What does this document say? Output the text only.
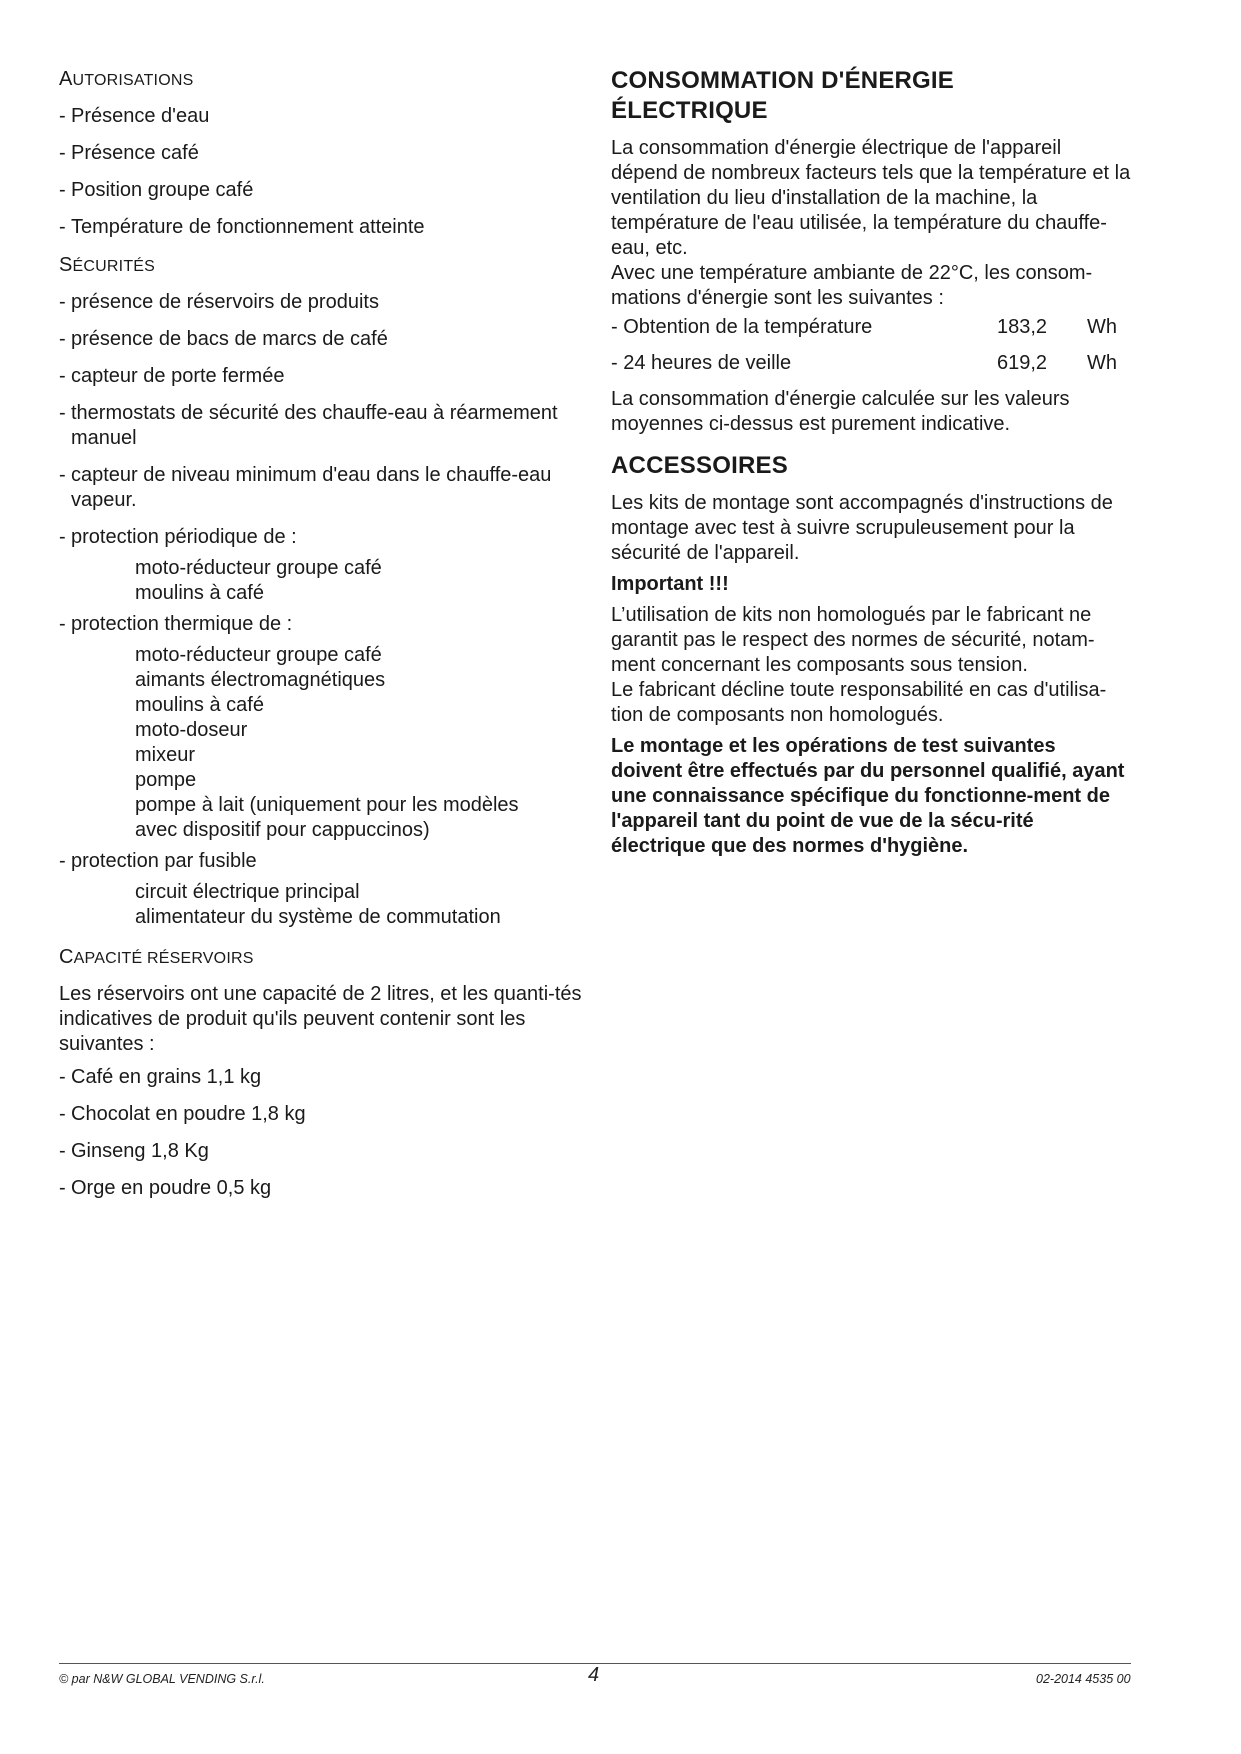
AUTORISATIONS
- Présence d'eau
- Présence café
- Position groupe café
- Température de fonctionnement atteinte
SÉCURITÉS
- présence de réservoirs de produits
- présence de bacs de marcs de café
- capteur de porte fermée
- thermostats de sécurité des chauffe-eau à réarmement manuel
- capteur de niveau minimum d'eau dans le chauffe-eau vapeur.
- protection périodique de :
moto-réducteur groupe café
moulins à café
- protection thermique de :
moto-réducteur groupe café
aimants électromagnétiques
moulins à café
moto-doseur
mixeur
pompe
pompe à lait (uniquement pour les modèles
avec dispositif pour cappuccinos)
- protection par fusible
circuit électrique principal
alimentateur du système de commutation
CAPACITÉ RÉSERVOIRS

Les réservoirs ont une capacité de 2 litres, et les quanti-tés indicatives de produit qu'ils peuvent contenir sont les suivantes :

- Café en grains 1,1 kg
- Chocolat en poudre 1,8 kg
- Ginseng 1,8 Kg
- Orge en poudre 0,5 kg
CONSOMMATION D'ÉNERGIE ÉLECTRIQUE

La consommation d'énergie électrique de l'appareil dépend de nombreux facteurs tels que la température et la ventilation du lieu d'installation de la machine, la température de l'eau utilisée, la température du chauffe-eau, etc.

Avec une température ambiante de 22°C, les consom-mations d'énergie sont les suivantes :

- Obtention de la température	183,2	Wh
- 24 heures de veille	619,2	Wh

La consommation d'énergie calculée sur les valeurs moyennes ci-dessus est purement indicative.

ACCESSOIRES

Les kits de montage sont accompagnés d'instructions de montage avec test à suivre scrupuleusement pour la sécurité de l'appareil.

Important !!!

L’utilisation de kits non homologués par le fabricant ne garantit pas le respect des normes de sécurité, notam-ment concernant les composants sous tension.

Le fabricant décline toute responsabilité en cas d'utilisa-tion de composants non homologués.

Le montage et les opérations de test suivantes doivent être effectués par du personnel qualifié, ayant une connaissance spécifique du fonctionne-ment de l'appareil tant du point de vue de la sécu-rité électrique que des normes d'hygiène.

© par N&W GLOBAL VENDING S.r.l.	4	02-2014 4535 00
